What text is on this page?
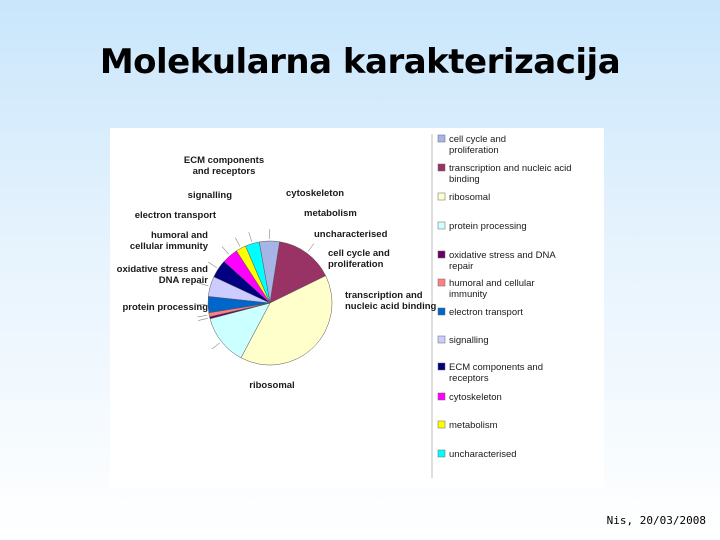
Molekularna karakterizacija
cell cycle and proliferation
transcription and nucleic acid binding
ribosomal
protein processing
oxidative stress and DNA repair
humoral and cellular immunity
electron transport
signalling
ECM components and receptors
cytoskeleton
metabolism
uncharacterised
cell cycle and proliferation
transcription and nucleic acid binding
ribosomal
protein processing
oxidative stress and DNA repair
humoral and cellular immunity
electron transport
signalling
ECM components and receptors
cytoskeleton
metabolism
uncharacterised
Nis, 20/03/2008
